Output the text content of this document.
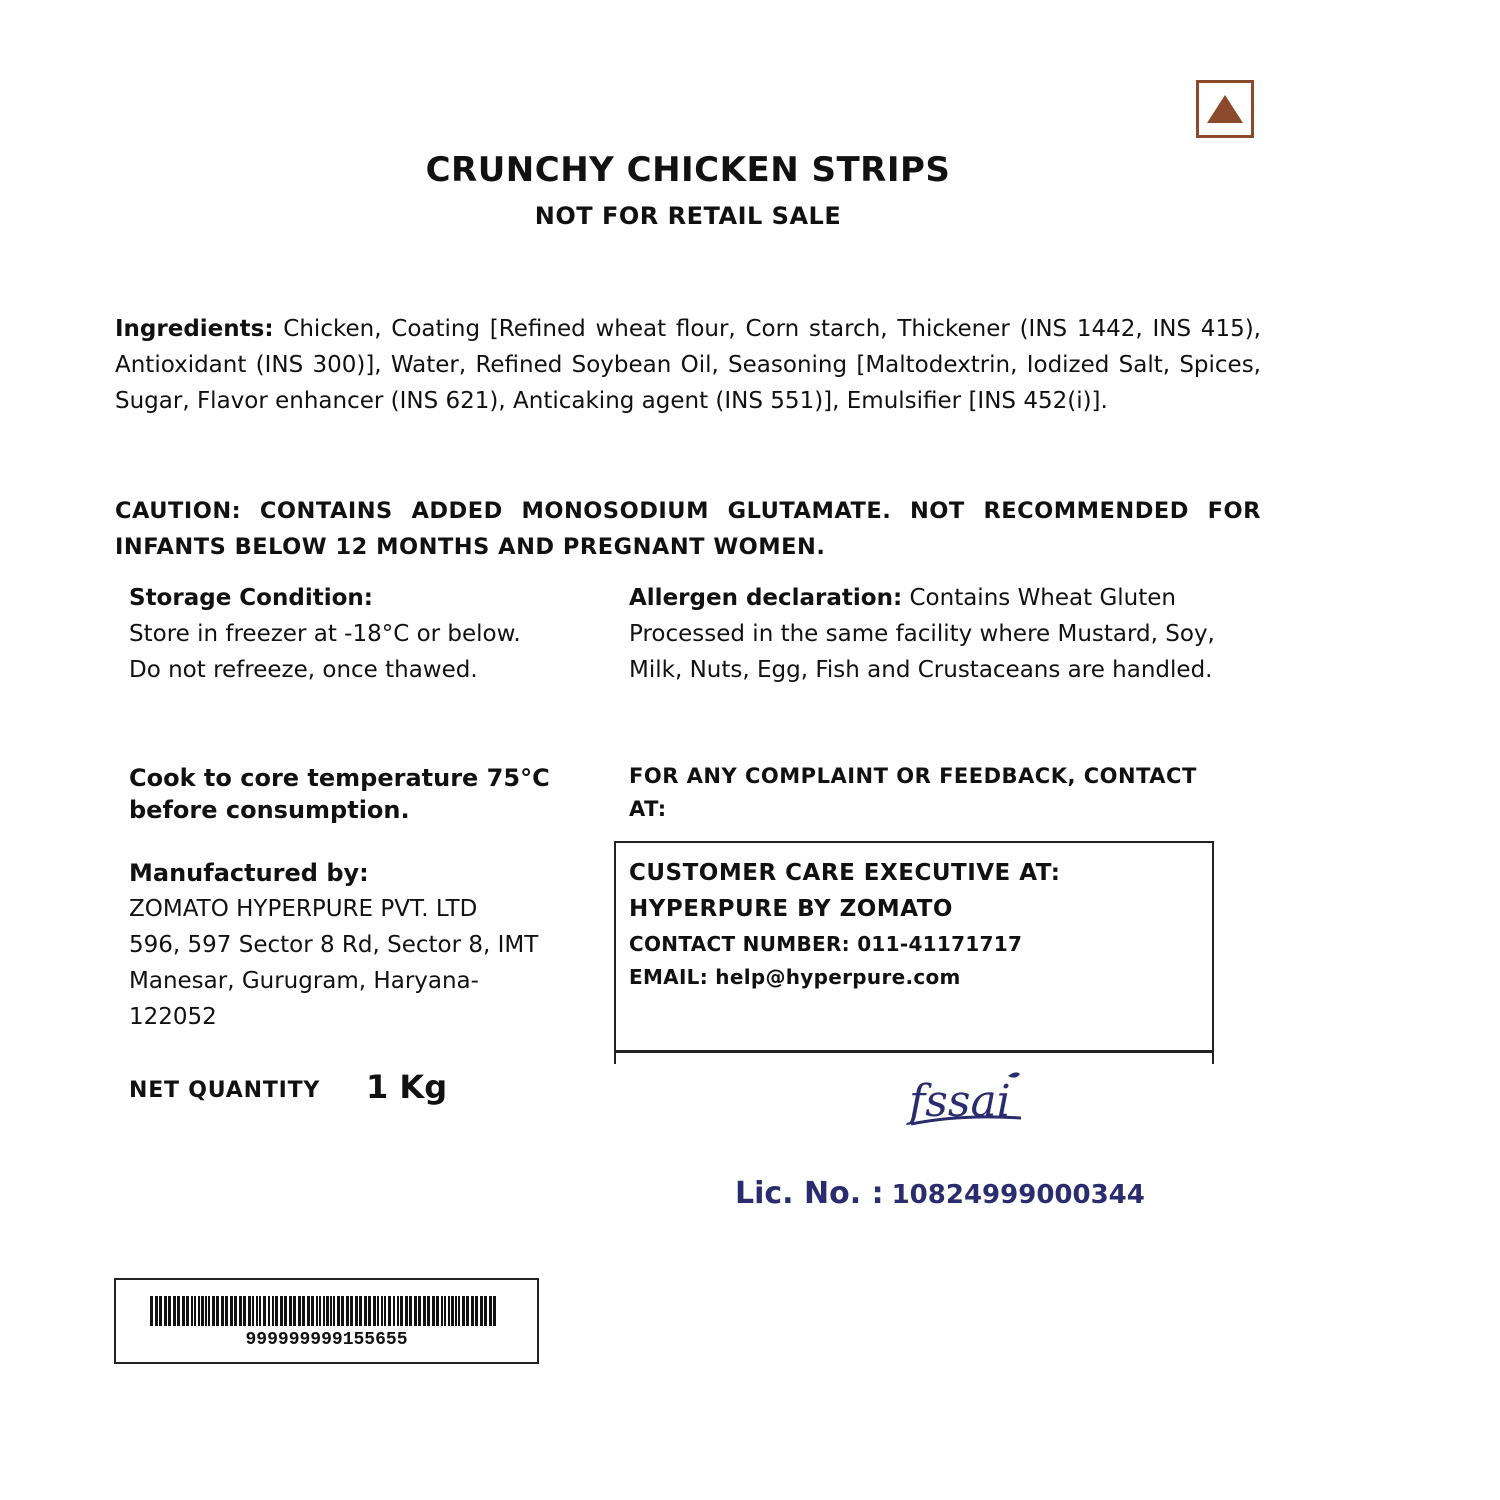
CRUNCHY CHICKEN STRIPS
NOT FOR RETAIL SALE
Ingredients: Chicken, Coating [Refined wheat flour, Corn starch, Thickener (INS 1442, INS 415), Antioxidant (INS 300)], Water, Refined Soybean Oil, Seasoning [Maltodextrin, Iodized Salt, Spices, Sugar, Flavor enhancer (INS 621), Anticaking agent (INS 551)], Emulsifier [INS 452(i)].
CAUTION: CONTAINS ADDED MONOSODIUM GLUTAMATE. NOT RECOMMENDED FOR INFANTS BELOW 12 MONTHS AND PREGNANT WOMEN.
Storage Condition:
Store in freezer at -18°C or below.
Do not refreeze, once thawed.
Allergen declaration: Contains Wheat Gluten Processed in the same facility where Mustard, Soy, Milk, Nuts, Egg, Fish and Crustaceans are handled.
Cook to core temperature 75°C before consumption.
FOR ANY COMPLAINT OR FEEDBACK, CONTACT AT:
CUSTOMER CARE EXECUTIVE AT:
HYPERPURE BY ZOMATO
CONTACT NUMBER: 011-41171717
EMAIL: help@hyperpure.com
Manufactured by:
ZOMATO HYPERPURE PVT. LTD
596, 597 Sector 8 Rd, Sector 8, IMT
Manesar, Gurugram, Haryana-
122052
NET QUANTITY 1 Kg	fssai
Lic. No. : 10824999000344
999999999155655
